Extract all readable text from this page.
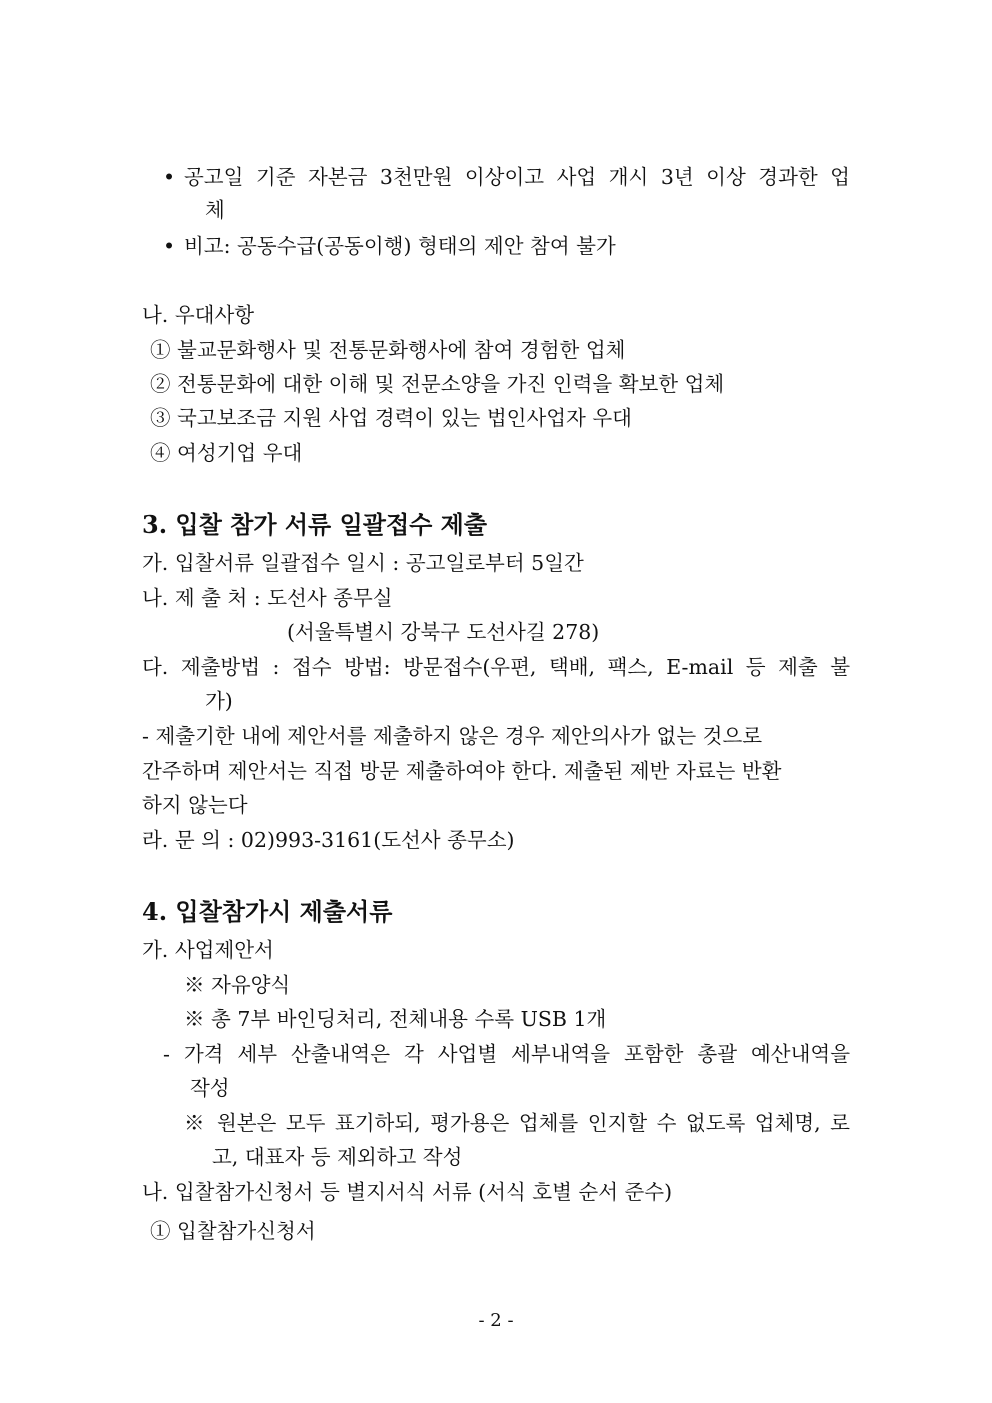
• 공고일 기준 자본금 3천만원 이상이고 사업 개시 3년 이상 경과한 업
체
• 비고: 공동수급(공동이행) 형태의 제안 참여 불가
나. 우대사항
① 불교문화행사 및 전통문화행사에 참여 경험한 업체
② 전통문화에 대한 이해 및 전문소양을 가진 인력을 확보한 업체
③ 국고보조금 지원 사업 경력이 있는 법인사업자 우대
④ 여성기업 우대
3. 입찰 참가 서류 일괄접수 제출
가. 입찰서류 일괄접수 일시 : 공고일로부터 5일간
나. 제 출 처 : 도선사 종무실
(서울특별시 강북구 도선사길 278)
다. 제출방법 : 접수 방법: 방문접수(우편, 택배, 팩스, E-mail 등 제출 불
가)
- 제출기한 내에 제안서를 제출하지 않은 경우 제안의사가 없는 것으로
간주하며 제안서는 직접 방문 제출하여야 한다. 제출된 제반 자료는 반환
하지 않는다
라. 문 의 : 02)993-3161(도선사 종무소)
4. 입찰참가시 제출서류
가. 사업제안서
※ 자유양식
※ 총 7부 바인딩처리, 전체내용 수록 USB 1개
- 가격 세부 산출내역은 각 사업별 세부내역을 포함한 총괄 예산내역을
작성
※ 원본은 모두 표기하되, 평가용은 업체를 인지할 수 없도록 업체명, 로
고, 대표자 등 제외하고 작성
나. 입찰참가신청서 등 별지서식 서류 (서식 호별 순서 준수)
① 입찰참가신청서
- 2 -
